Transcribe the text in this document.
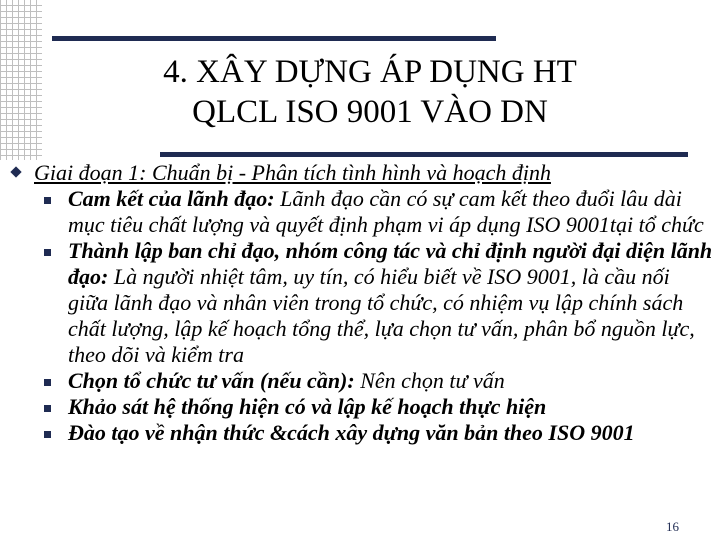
4. XÂY DỰNG ÁP DỤNG HT
QLCL ISO 9001 VÀO DN
Giai đoạn 1: Chuẩn bị - Phân tích tình hình và hoạch định
Cam kết của lãnh đạo: Lãnh đạo cần có sự cam kết theo đuổi lâu dài mục tiêu chất lượng và quyết định phạm vi áp dụng ISO 9001tại tổ chức
Thành lập ban chỉ đạo, nhóm công tác và chỉ định người đại diện lãnh đạo: Là người nhiệt tâm, uy tín, có hiểu biết về ISO 9001, là cầu nối giữa lãnh đạo và nhân viên trong tổ chức, có nhiệm vụ lập chính sách chất lượng, lập kế hoạch tổng thể, lựa chọn tư vấn, phân bổ nguồn lực, theo dõi và kiểm tra
Chọn tổ chức tư vấn (nếu cần): Nên chọn tư vấn
Khảo sát hệ thống hiện có và lập kế hoạch thực hiện
Đào tạo về nhận thức &cách xây dựng văn bản theo ISO 9001
16
